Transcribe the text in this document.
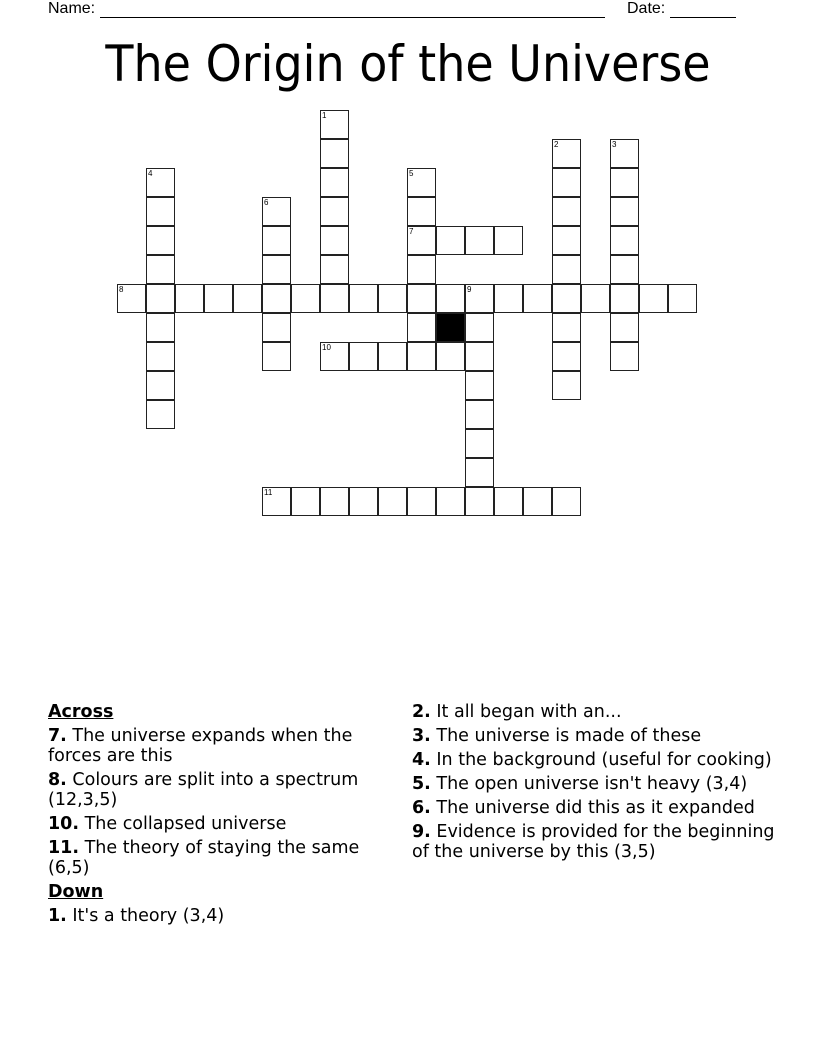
Name:	Date:
The Origin of the Universe
1
2	3
4	5
7
6
8	9
10
11
Across
7. The universe expands when the forces are this
8. Colours are split into a spectrum (12,3,5)
10. The collapsed universe
11. The theory of staying the same (6,5)
Down
1. It's a theory (3,4)
2. It all began with an...
3. The universe is made of these
4. In the background (useful for cooking)
5. The open universe isn't heavy (3,4)
6. The universe did this as it expanded
9. Evidence is provided for the beginning of the universe by this (3,5)
